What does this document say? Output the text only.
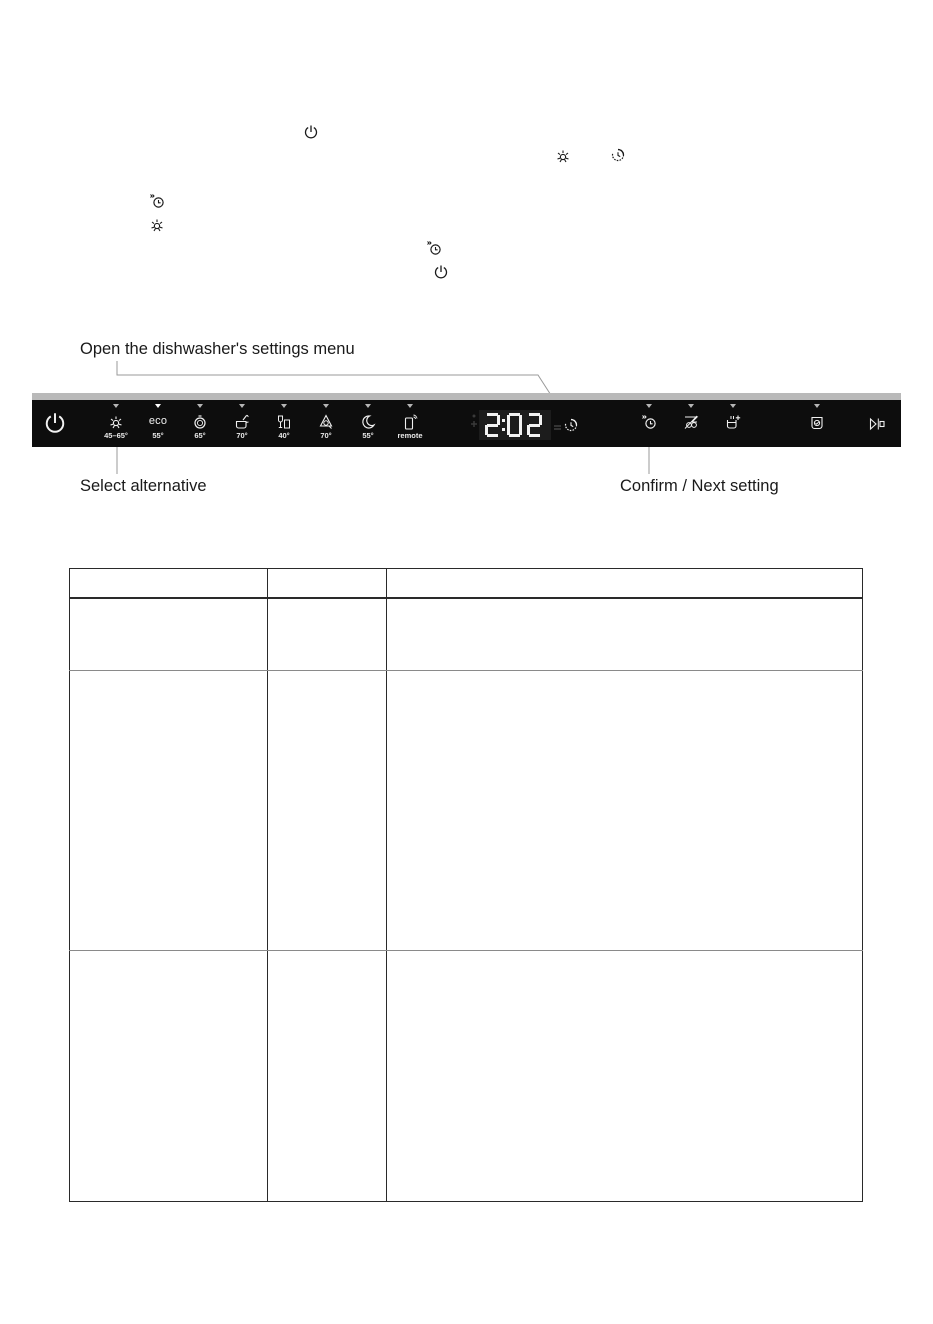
Open the dishwasher's settings menu
Select alternative	Confirm / Next setting
45–65°
eco
55°	65°	70°	40°	70°	55°	remote
